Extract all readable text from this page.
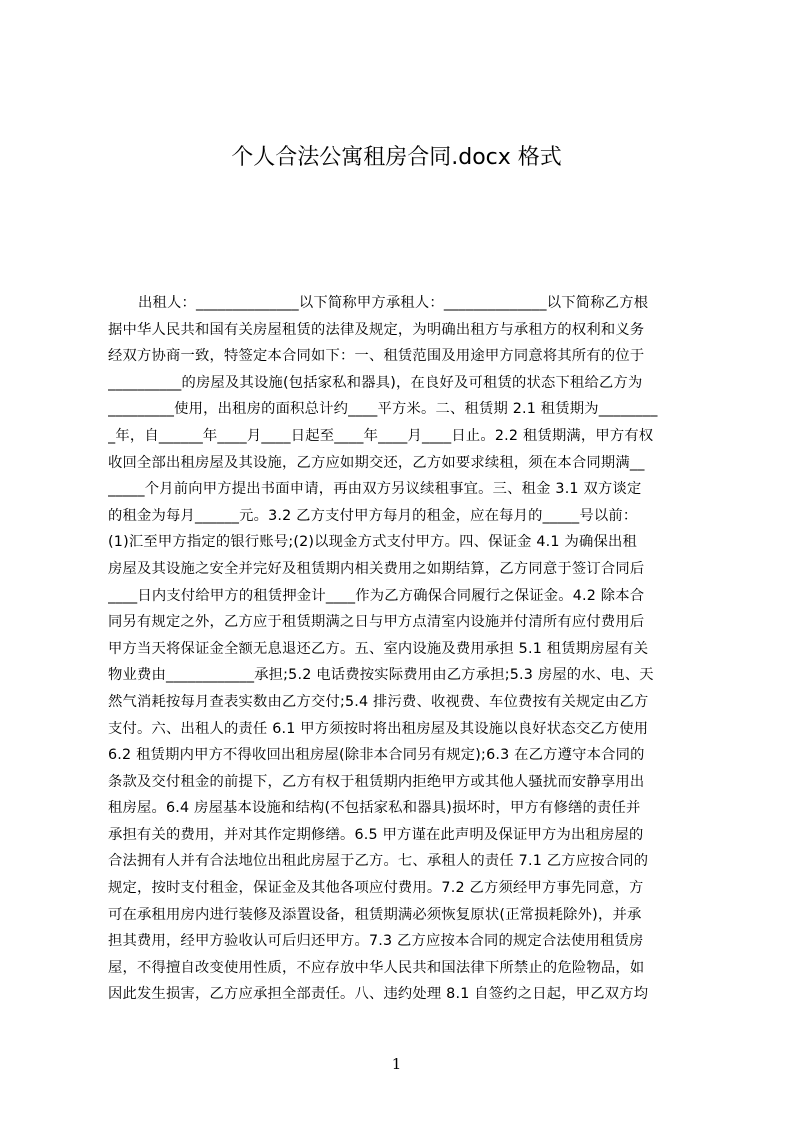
个人合法公寓租房合同.docx 格式
出租人：______________以下简称甲方承租人：______________以下简称乙方根
据中华人民共和国有关房屋租赁的法律及规定，为明确出租方与承租方的权利和义务
经双方协商一致，特签定本合同如下：一、租赁范围及用途甲方同意将其所有的位于
__________的房屋及其设施(包括家私和器具)，在良好及可租赁的状态下租给乙方为
_________使用，出租房的面积总计约____平方米。二、租赁期 2.1 租赁期为________
_年，自______年____月____日起至____年____月____日止。2.2 租赁期满，甲方有权
收回全部出租房屋及其设施，乙方应如期交还，乙方如要求续租，须在本合同期满__
_____个月前向甲方提出书面申请，再由双方另议续租事宜。三、租金 3.1 双方谈定
的租金为每月______元。3.2 乙方支付甲方每月的租金，应在每月的_____号以前：
(1)汇至甲方指定的银行账号;(2)以现金方式支付甲方。四、保证金 4.1 为确保出租
房屋及其设施之安全并完好及租赁期内相关费用之如期结算，乙方同意于签订合同后
____日内支付给甲方的租赁押金计____作为乙方确保合同履行之保证金。4.2 除本合
同另有规定之外，乙方应于租赁期满之日与甲方点清室内设施并付清所有应付费用后
甲方当天将保证金全额无息退还乙方。五、室内设施及费用承担 5.1 租赁期房屋有关
物业费由____________承担;5.2 电话费按实际费用由乙方承担;5.3 房屋的水、电、天
然气消耗按每月查表实数由乙方交付;5.4 排污费、收视费、车位费按有关规定由乙方
支付。六、出租人的责任 6.1 甲方须按时将出租房屋及其设施以良好状态交乙方使用
6.2 租赁期内甲方不得收回出租房屋(除非本合同另有规定);6.3 在乙方遵守本合同的
条款及交付租金的前提下，乙方有权于租赁期内拒绝甲方或其他人骚扰而安静享用出
租房屋。6.4 房屋基本设施和结构(不包括家私和器具)损坏时，甲方有修缮的责任并
承担有关的费用，并对其作定期修缮。6.5 甲方谨在此声明及保证甲方为出租房屋的
合法拥有人并有合法地位出租此房屋于乙方。七、承租人的责任 7.1 乙方应按合同的
规定，按时支付租金，保证金及其他各项应付费用。7.2 乙方须经甲方事先同意，方
可在承租用房内进行装修及添置设备，租赁期满必须恢复原状(正常损耗除外)，并承
担其费用，经甲方验收认可后归还甲方。7.3 乙方应按本合同的规定合法使用租赁房
屋，不得擅自改变使用性质，不应存放中华人民共和国法律下所禁止的危险物品，如
因此发生损害，乙方应承担全部责任。八、违约处理 8.1 自签约之日起，甲乙双方均
1
